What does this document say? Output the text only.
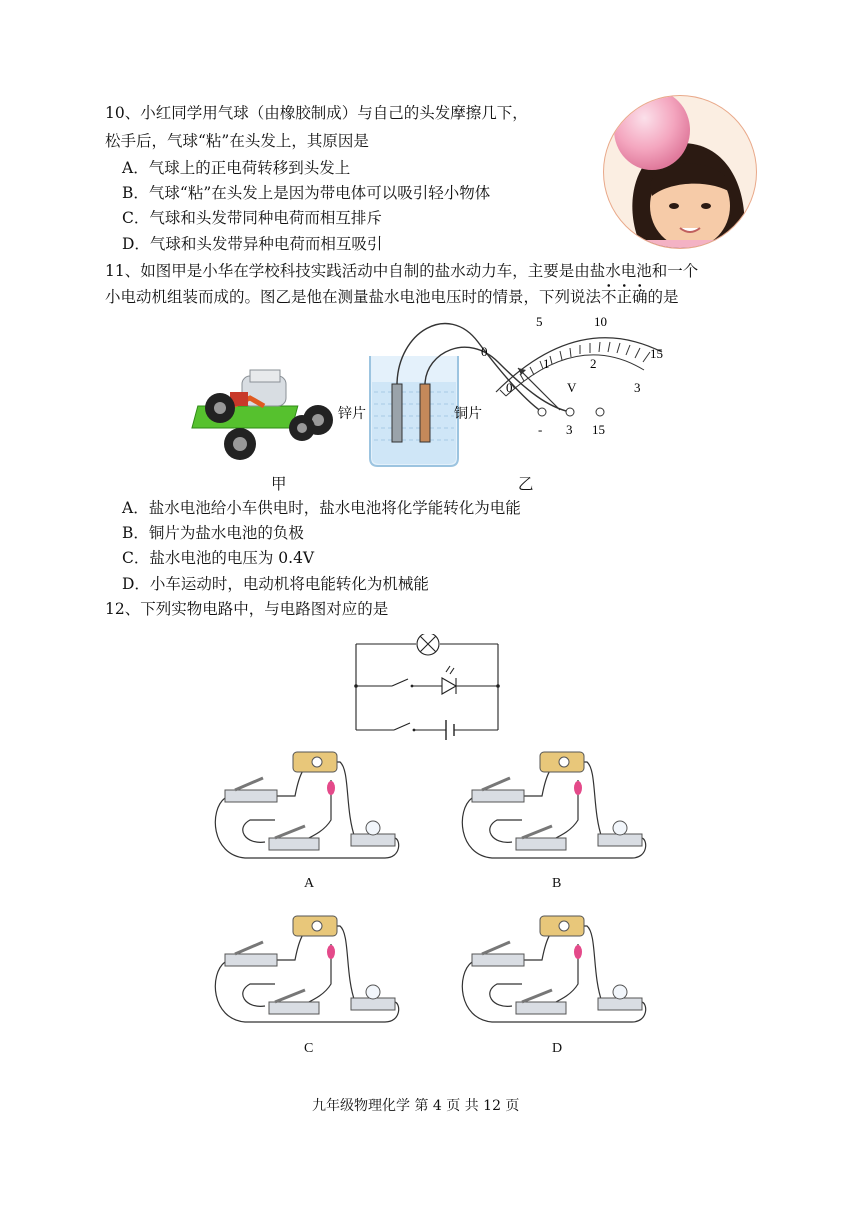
10、小红同学用气球（由橡胶制成）与自己的头发摩擦几下，
松手后，气球“粘”在头发上，其原因是
A．气球上的正电荷转移到头发上
B．气球“粘”在头发上是因为带电体可以吸引轻小物体
C．气球和头发带同种电荷而相互排斥
D．气球和头发带异种电荷而相互吸引
11、如图甲是小华在学校科技实践活动中自制的盐水动力车，主要是由盐水电池和一个
小电动机组装而成的。图乙是他在测量盐水电池电压时的情景，下列说法不正确的是
甲
锌片	铜片
0
5	10
15
0
1	2
3
V
- 3 15
乙
A．盐水电池给小车供电时，盐水电池将化学能转化为电能
B．铜片为盐水电池的负极
C．盐水电池的电压为 0.4V
D．小车运动时，电动机将电能转化为机械能
12、下列实物电路中，与电路图对应的是
A	B
C	D
九年级物理化学 第 4 页 共 12 页
